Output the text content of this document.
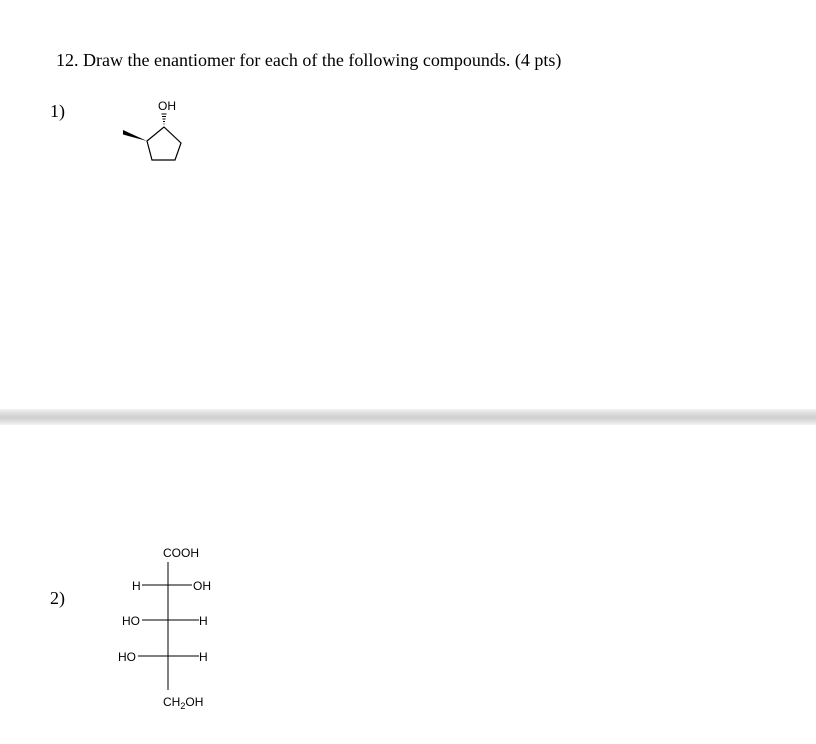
12. Draw the enantiomer for each of the following compounds. (4 pts)
1)	OH
2)
COOH
H	OH
HO	H
HO	H
$CH_2OH$
